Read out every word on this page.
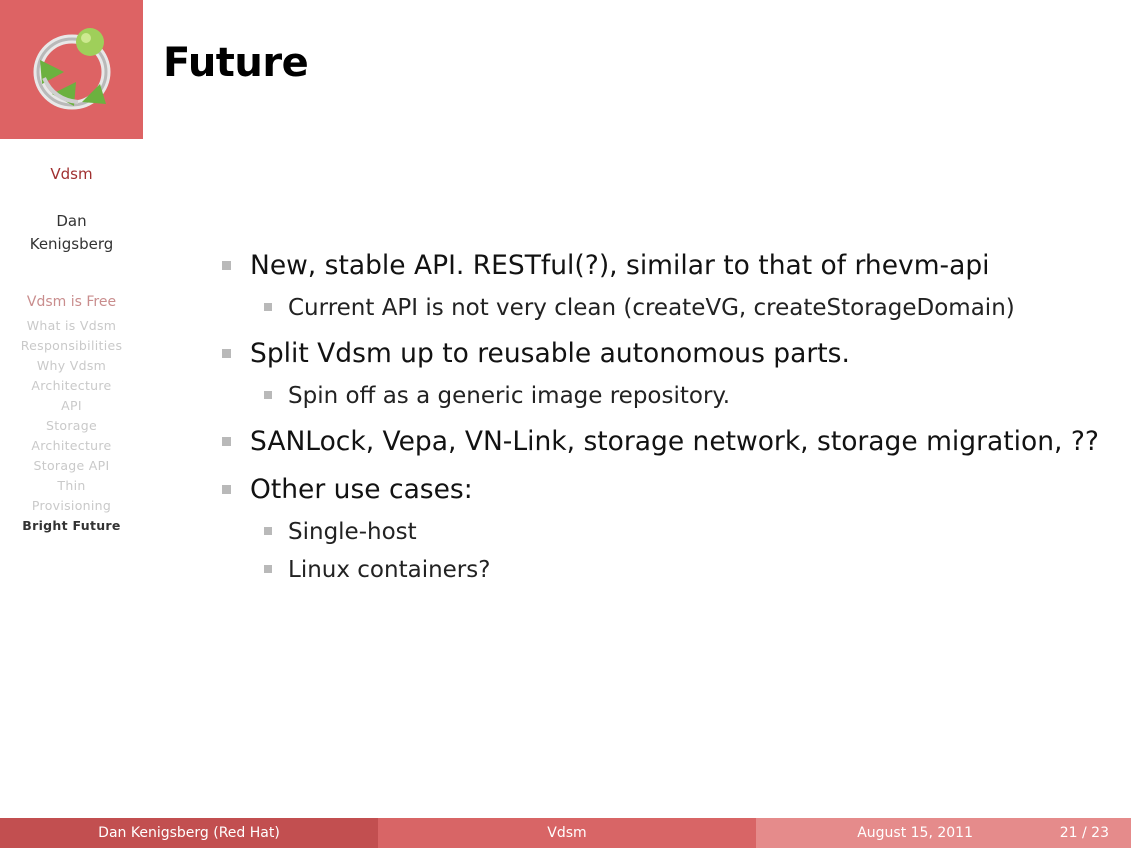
Vdsm
Dan
Kenigsberg
Vdsm is Free
What is Vdsm
Responsibilities
Why Vdsm
Architecture
API
Storage
Architecture
Storage API
Thin
Provisioning
Bright Future
Future
New, stable API. RESTful(?), similar to that of rhevm-api
Current API is not very clean (createVG, createStorageDomain)
Split Vdsm up to reusable autonomous parts.
Spin off as a generic image repository.
SANLock, Vepa, VN-Link, storage network, storage migration, ??
Other use cases:
Single-host
Linux containers?
Dan Kenigsberg (Red Hat)	Vdsm	August 15, 2011	21 / 23
